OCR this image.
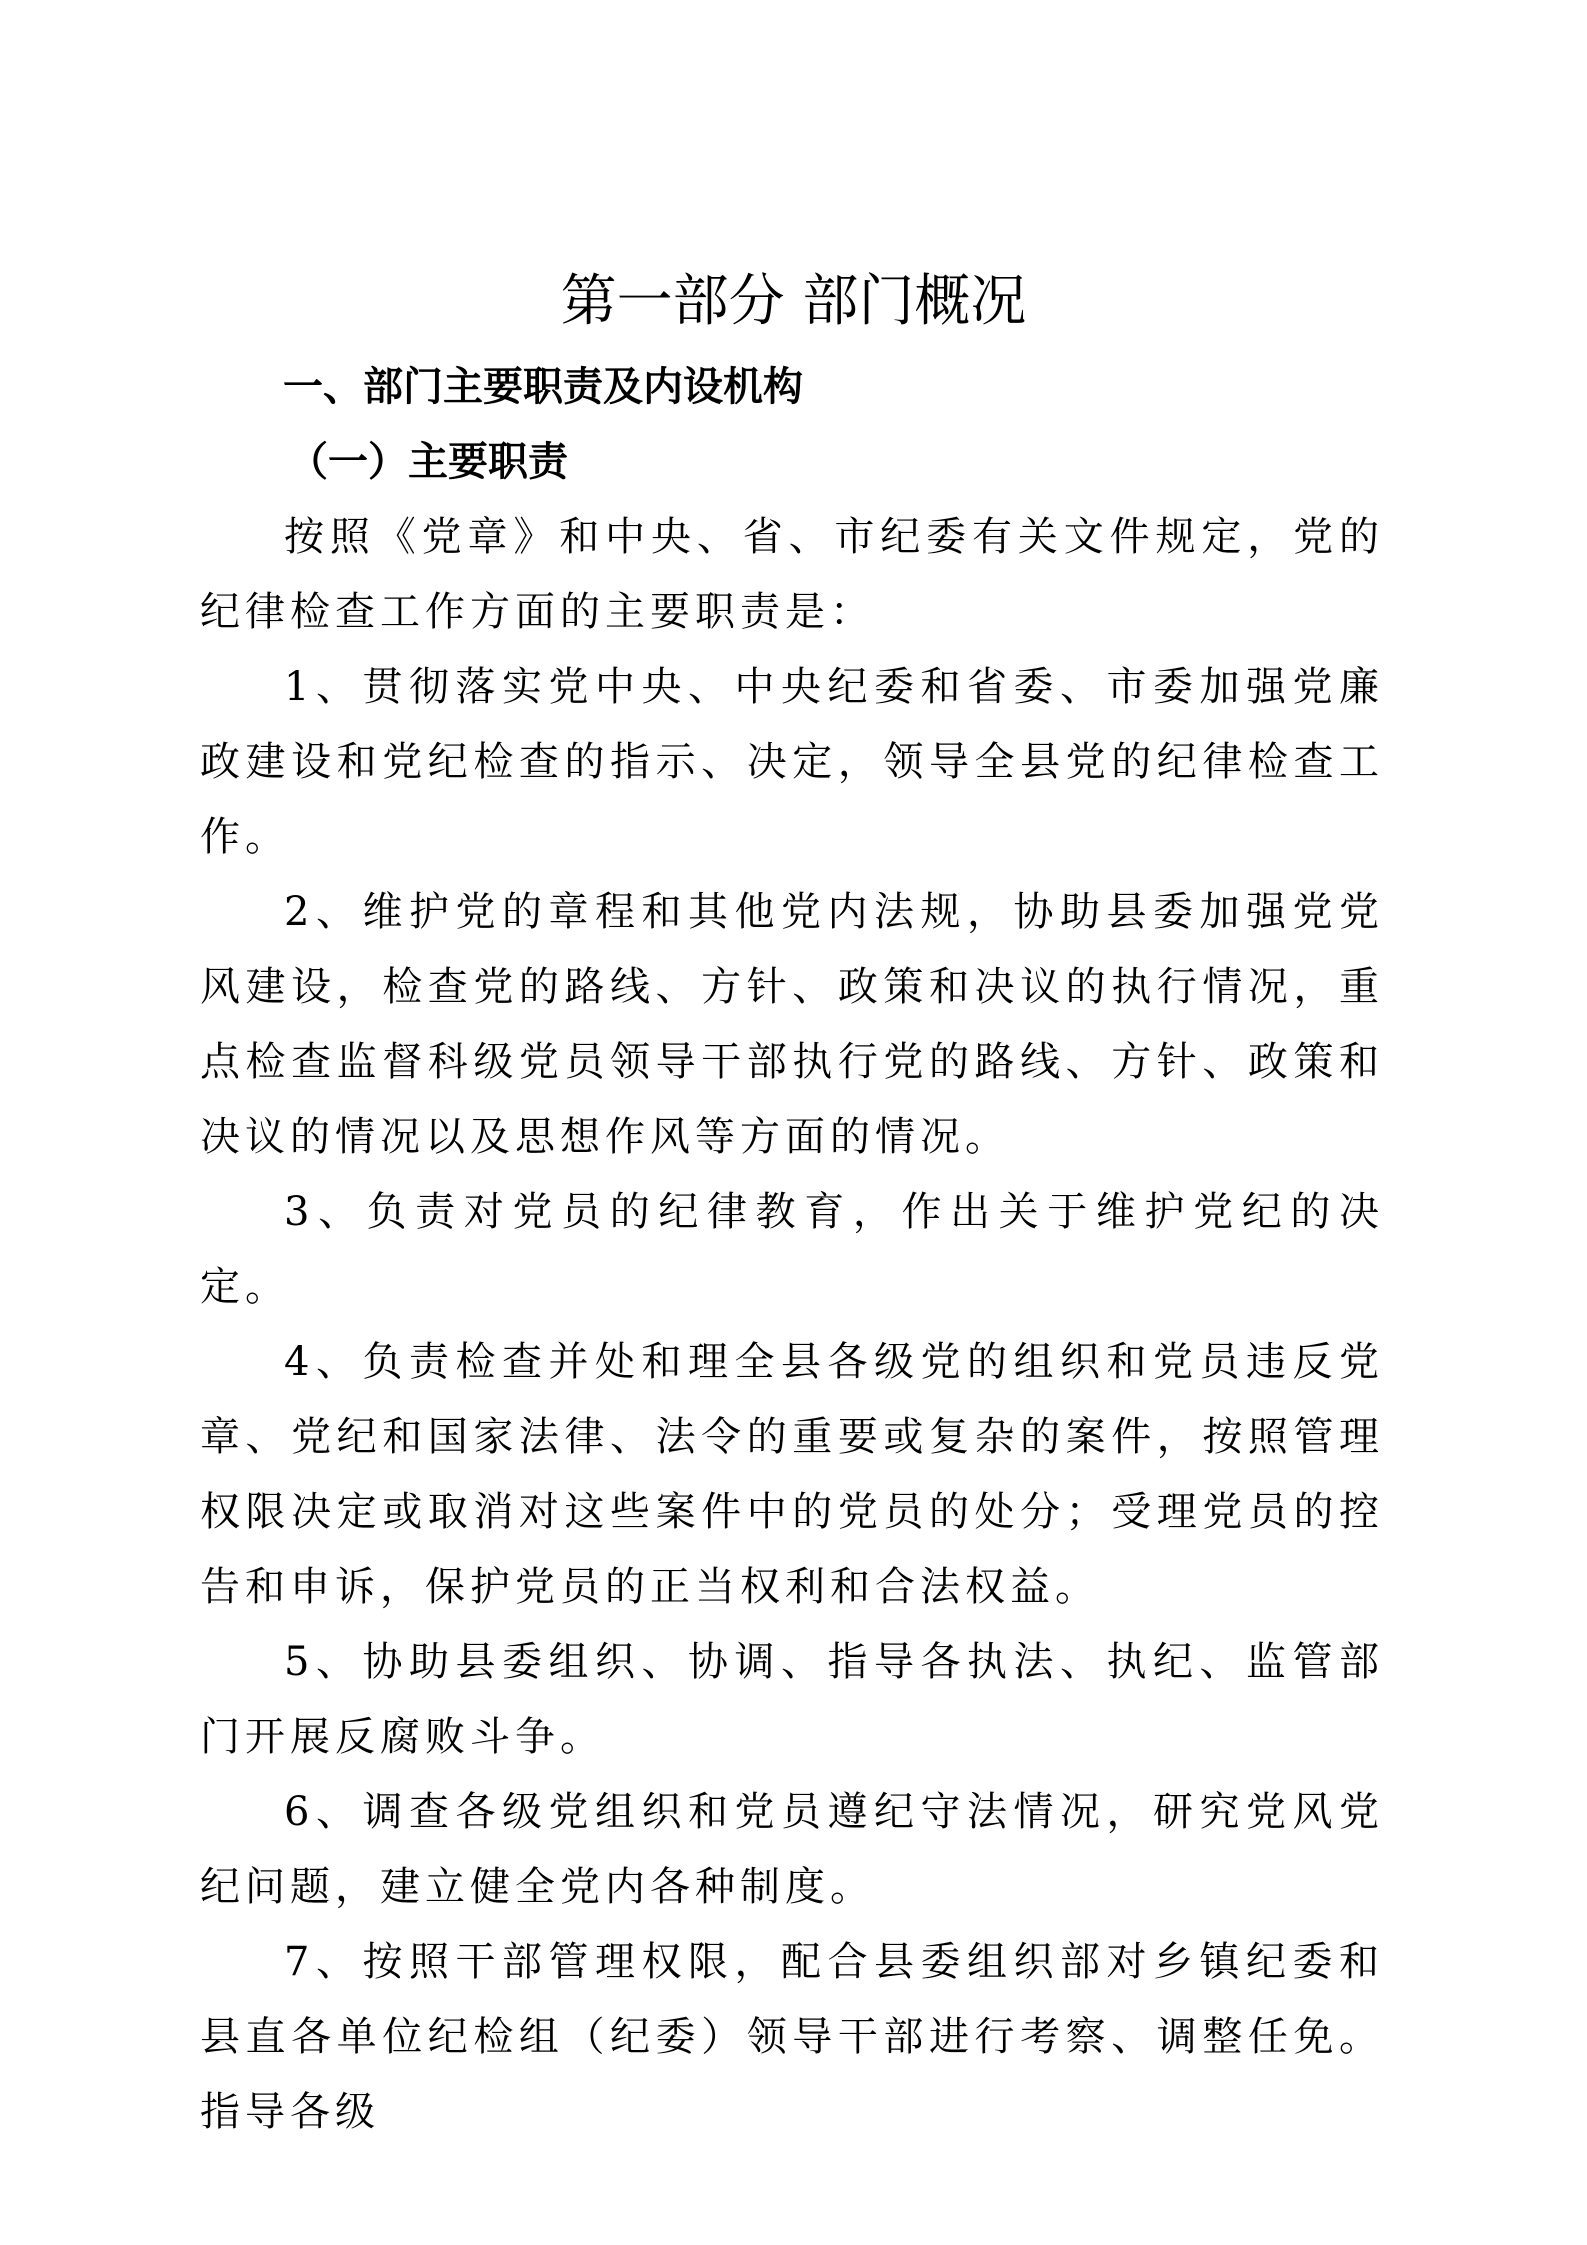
第一部分 部门概况
一、部门主要职责及内设机构
（一）主要职责

按照《党章》和中央、省、市纪委有关文件规定，党的纪律检查工作方面的主要职责是：

1、贯彻落实党中央、中央纪委和省委、市委加强党廉政建设和党纪检查的指示、决定，领导全县党的纪律检查工作。

2、维护党的章程和其他党内法规，协助县委加强党党风建设，检查党的路线、方针、政策和决议的执行情况，重点检查监督科级党员领导干部执行党的路线、方针、政策和决议的情况以及思想作风等方面的情况。

3、负责对党员的纪律教育，作出关于维护党纪的决定。

4、负责检查并处和理全县各级党的组织和党员违反党章、党纪和国家法律、法令的重要或复杂的案件，按照管理权限决定或取消对这些案件中的党员的处分；受理党员的控告和申诉，保护党员的正当权利和合法权益。

5、协助县委组织、协调、指导各执法、执纪、监管部门开展反腐败斗争。

6、调查各级党组织和党员遵纪守法情况，研究党风党纪问题，建立健全党内各种制度。

7、按照干部管理权限，配合县委组织部对乡镇纪委和县直各单位纪检组（纪委）领导干部进行考察、调整任免。指导各级
